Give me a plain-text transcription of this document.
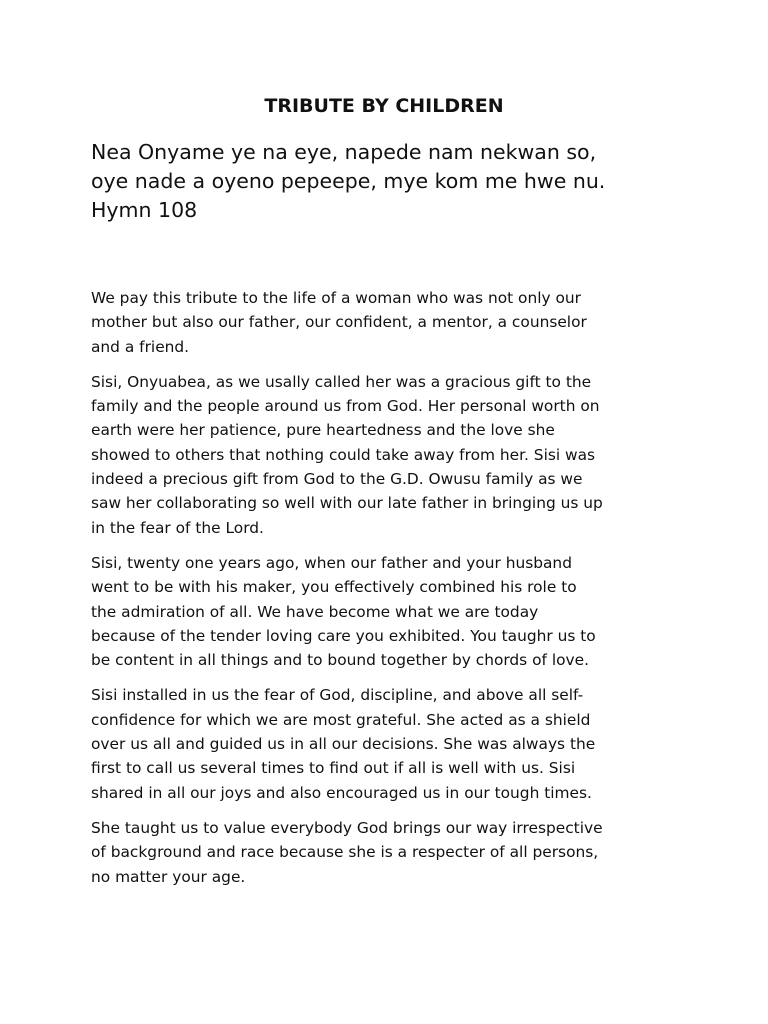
TRIBUTE BY CHILDREN

Nea Onyame ye na eye, napede nam nekwan so,
oye nade a oyeno pepeepe, mye kom me hwe nu.
Hymn 108

We pay this tribute to the life of a woman who was not only our
mother but also our father, our confident, a mentor, a counselor
and a friend.

Sisi, Onyuabea, as we usally called her was a gracious gift to the
family and the people around us from God. Her personal worth on
earth were her patience, pure heartedness and the love she
showed to others that nothing could take away from her. Sisi was
indeed a precious gift from God to the G.D. Owusu family as we
saw her collaborating so well with our late father in bringing us up
in the fear of the Lord.

Sisi, twenty one years ago, when our father and your husband
went to be with his maker, you effectively combined his role to
the admiration of all. We have become what we are today
because of the tender loving care you exhibited. You taughr us to
be content in all things and to bound together by chords of love.

Sisi installed in us the fear of God, discipline, and above all self-
confidence for which we are most grateful. She acted as a shield
over us all and guided us in all our decisions. She was always the
first to call us several times to find out if all is well with us. Sisi
shared in all our joys and also encouraged us in our tough times.

She taught us to value everybody God brings our way irrespective
of background and race because she is a respecter of all persons,
no matter your age.
